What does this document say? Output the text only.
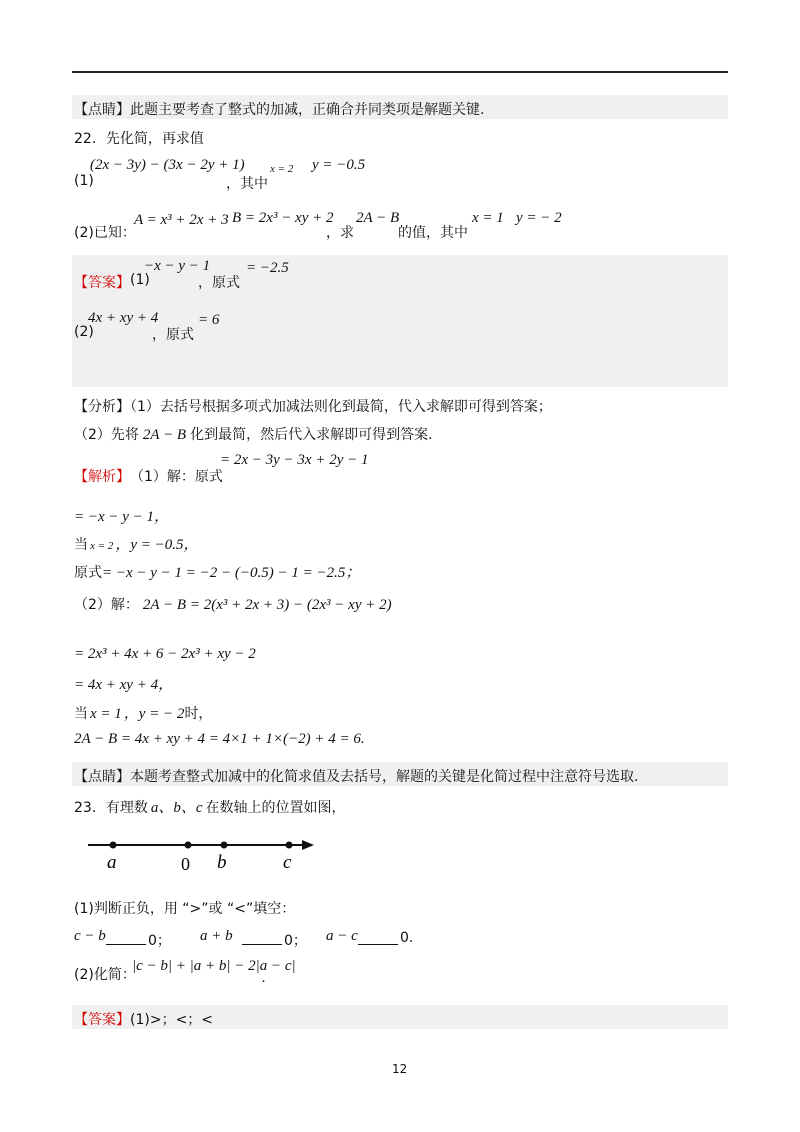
【点睛】此题主要考查了整式的加减，正确合并同类项是解题关键.
22．先化简，再求值
(1)
(2x − 3y) − (3x − 2y + 1)
，其中
x = 2 y = −0.5
(2)已知：
A = x³ + 2x + 3 B = 2x³ − xy + 2
，求
2A − B
的值，其中
x = 1 y = − 2
【答案】 (1)
−x − y − 1
，原式
= −2.5
(2)
4x + xy + 4
，原式
= 6
【分析】（1）去括号根据多项式加减法则化到最简，代入求解即可得到答案；
（2）先将 2A − B 化到最简，然后代入求解即可得到答案.
【解析】 （1）解：原式
= 2x − 3y − 3x + 2y − 1
= −x − y − 1，
当 x = 2 ，y = −0.5，
原式= −x − y − 1 = −2 − (−0.5) − 1 = −2.5；
（2）解： 2A − B = 2(x³ + 2x + 3) − (2x³ − xy + 2)
= 2x³ + 4x + 6 − 2x³ + xy − 2
= 4x + xy + 4，
当 x = 1 ，y = − 2时，
2A − B = 4x + xy + 4 = 4×1 + 1×(−2) + 4 = 6.
【点睛】本题考查整式加减中的化简求值及去括号，解题的关键是化简过程中注意符号选取.
23．有理数 a、b、c 在数轴上的位置如图，
a	0 b	c
(1)判断正负，用 “>”或 “<”填空：
c − b	0； a + b	0； a − c	0.
(2)化简：
|c − b| + |a + b| − 2|a − c|
.
【答案】(1)>；<；<
12
